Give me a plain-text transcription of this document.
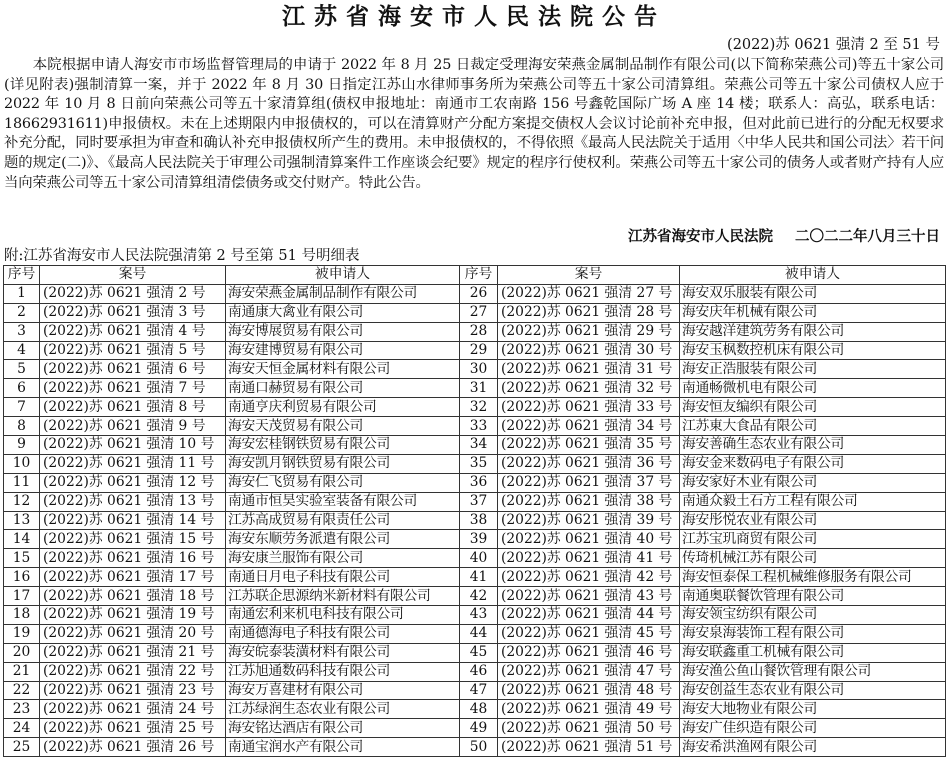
江苏省海安市人民法院公告
(2022)苏 0621 强清 2 至 51 号

本院根据申请人海安市市场监督管理局的申请于 2022 年 8 月 25 日裁定受理海安荣燕金属制品制作有限公司(以下简称荣燕公司)等五十家公司(详见附表)强制清算一案，并于 2022 年 8 月 30 日指定江苏山水律师事务所为荣燕公司等五十家公司清算组。荣燕公司等五十家公司债权人应于 2022 年 10 月 8 日前向荣燕公司等五十家清算组(债权申报地址：南通市工农南路 156 号鑫乾国际广场 A 座 14 楼；联系人：高弘，联系电话：18662931611)申报债权。未在上述期限内申报债权的，可以在清算财产分配方案提交债权人会议讨论前补充申报，但对此前已进行的分配无权要求补充分配，同时要承担为审查和确认补充申报债权所产生的费用。未申报债权的，不得依照《最高人民法院关于适用〈中华人民共和国公司法〉若干问题的规定(二)》、《最高人民法院关于审理公司强制清算案件工作座谈会纪要》规定的程序行使权利。荣燕公司等五十家公司的债务人或者财产持有人应当向荣燕公司等五十家公司清算组清偿债务或交付财产。特此公告。

江苏省海安市人民法院 二〇二二年八月三十日
附:江苏省海安市人民法院强清第 2 号至第 51 号明细表
序号	案号	被申请人	序号	案号	被申请人
1	(2022)苏 0621 强清 2 号	海安荣燕金属制品制作有限公司	26	(2022)苏 0621 强清 27 号	海安双乐服装有限公司
2	(2022)苏 0621 强清 3 号	南通康大禽业有限公司	27	(2022)苏 0621 强清 28 号	海安庆年机械有限公司
3	(2022)苏 0621 强清 4 号	海安博展贸易有限公司	28	(2022)苏 0621 强清 29 号	海安越洋建筑劳务有限公司
4	(2022)苏 0621 强清 5 号	海安建博贸易有限公司	29	(2022)苏 0621 强清 30 号	海安玉枫数控机床有限公司
5	(2022)苏 0621 强清 6 号	海安天恒金属材料有限公司	30	(2022)苏 0621 强清 31 号	海安正浩服装有限公司
6	(2022)苏 0621 强清 7 号	南通口赫贸易有限公司	31	(2022)苏 0621 强清 32 号	南通畅微机电有限公司
7	(2022)苏 0621 强清 8 号	南通亨庆利贸易有限公司	32	(2022)苏 0621 强清 33 号	海安恒友编织有限公司
8	(2022)苏 0621 强清 9 号	海安天茂贸易有限公司	33	(2022)苏 0621 强清 34 号	江苏東大食品有限公司
9	(2022)苏 0621 强清 10 号	海安宏桂钢铁贸易有限公司	34	(2022)苏 0621 强清 35 号	海安善确生态农业有限公司
10	(2022)苏 0621 强清 11 号	海安凯月钢铁贸易有限公司	35	(2022)苏 0621 强清 36 号	海安金来数码电子有限公司
11	(2022)苏 0621 强清 12 号	海安仁飞贸易有限公司	36	(2022)苏 0621 强清 37 号	海安家好木业有限公司
12	(2022)苏 0621 强清 13 号	南通市恒昊实验室装备有限公司	37	(2022)苏 0621 强清 38 号	南通众毅土石方工程有限公司
13	(2022)苏 0621 强清 14 号	江苏高成贸易有限责任公司	38	(2022)苏 0621 强清 39 号	海安彤悦农业有限公司
14	(2022)苏 0621 强清 15 号	海安东顺劳务派遣有限公司	39	(2022)苏 0621 强清 40 号	江苏宝玑商贸有限公司
15	(2022)苏 0621 强清 16 号	海安康兰服饰有限公司	40	(2022)苏 0621 强清 41 号	传琦机械江苏有限公司
16	(2022)苏 0621 强清 17 号	南通日月电子科技有限公司	41	(2022)苏 0621 强清 42 号	海安恒泰保工程机械维修服务有限公司
17	(2022)苏 0621 强清 18 号	江苏联企思源纳米新材料有限公司	42	(2022)苏 0621 强清 43 号	南通奥联餐饮管理有限公司
18	(2022)苏 0621 强清 19 号	南通宏利来机电科技有限公司	43	(2022)苏 0621 强清 44 号	海安领宝纺织有限公司
19	(2022)苏 0621 强清 20 号	南通德海电子科技有限公司	44	(2022)苏 0621 强清 45 号	海安泉海装饰工程有限公司
20	(2022)苏 0621 强清 21 号	海安皖泰装潢材料有限公司	45	(2022)苏 0621 强清 46 号	海安联鑫重工机械有限公司
21	(2022)苏 0621 强清 22 号	江苏旭通数码科技有限公司	46	(2022)苏 0621 强清 47 号	海安渔公鱼山餐饮管理有限公司
22	(2022)苏 0621 强清 23 号	海安万喜建材有限公司	47	(2022)苏 0621 强清 48 号	海安创益生态农业有限公司
23	(2022)苏 0621 强清 24 号	江苏绿润生态农业有限公司	48	(2022)苏 0621 强清 49 号	海安大地物业有限公司
24	(2022)苏 0621 强清 25 号	海安铭达酒店有限公司	49	(2022)苏 0621 强清 50 号	海安广佳织造有限公司
25	(2022)苏 0621 强清 26 号	南通宝润水产有限公司	50	(2022)苏 0621 强清 51 号	海安希洪渔网有限公司
